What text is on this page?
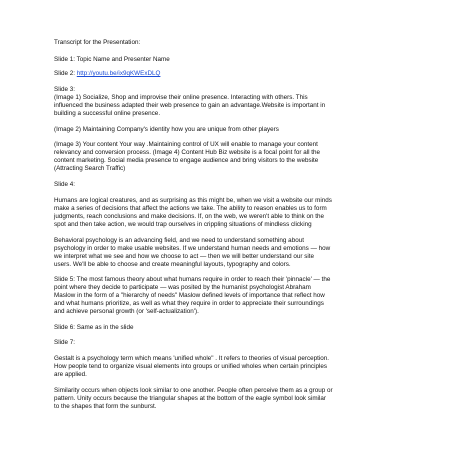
Transcript for the Presentation:
Slide 1: Topic Name and Presenter Name
Slide 2: http://youtu.be/ix9qKWExDLQ
Slide 3:
(Image 1) Socialize, Shop and improvise their online presence. Interacting with others. This
influenced the business adapted their web presence to gain an advantage.Website is important in
building a successful online presence.
(Image 2) Maintaining Company's identity how you are unique from other players
(Image 3) Your content Your way .Maintaining control of UX will enable to manage your content
relevancy and conversion process. (Image 4) Content Hub Biz website is a focal point for all the
content marketing. Social media presence to engage audience and bring visitors to the website
(Attracting Search Traffic)
Slide 4:
Humans are logical creatures, and as surprising as this might be, when we visit a website our minds
make a series of decisions that affect the actions we take. The ability to reason enables us to form
judgments, reach conclusions and make decisions. If, on the web, we weren't able to think on the
spot and then take action, we would trap ourselves in crippling situations of mindless clicking
Behavioral psychology is an advancing field, and we need to understand something about
psychology in order to make usable websites. If we understand human needs and emotions — how
we interpret what we see and how we choose to act — then we will better understand our site
users. We'll be able to choose and create meaningful layouts, typography and colors.
Slide 5: The most famous theory about what humans require in order to reach their 'pinnacle' — the
point where they decide to participate — was posited by the humanist psychologist Abraham
Maslow in the form of a "hierarchy of needs" Maslow defined levels of importance that reflect how
and what humans prioritize, as well as what they require in order to appreciate their surroundings
and achieve personal growth (or 'self-actualization').
Slide 6: Same as in the slide
Slide 7:
Gestalt is a psychology term which means 'unified whole" . It refers to theories of visual perception.
How people tend to organize visual elements into groups or unified wholes when certain principles
are applied.
Similarity occurs when objects look similar to one another. People often perceive them as a group or
pattern. Unity occurs because the triangular shapes at the bottom of the eagle symbol look similar
to the shapes that form the sunburst.
